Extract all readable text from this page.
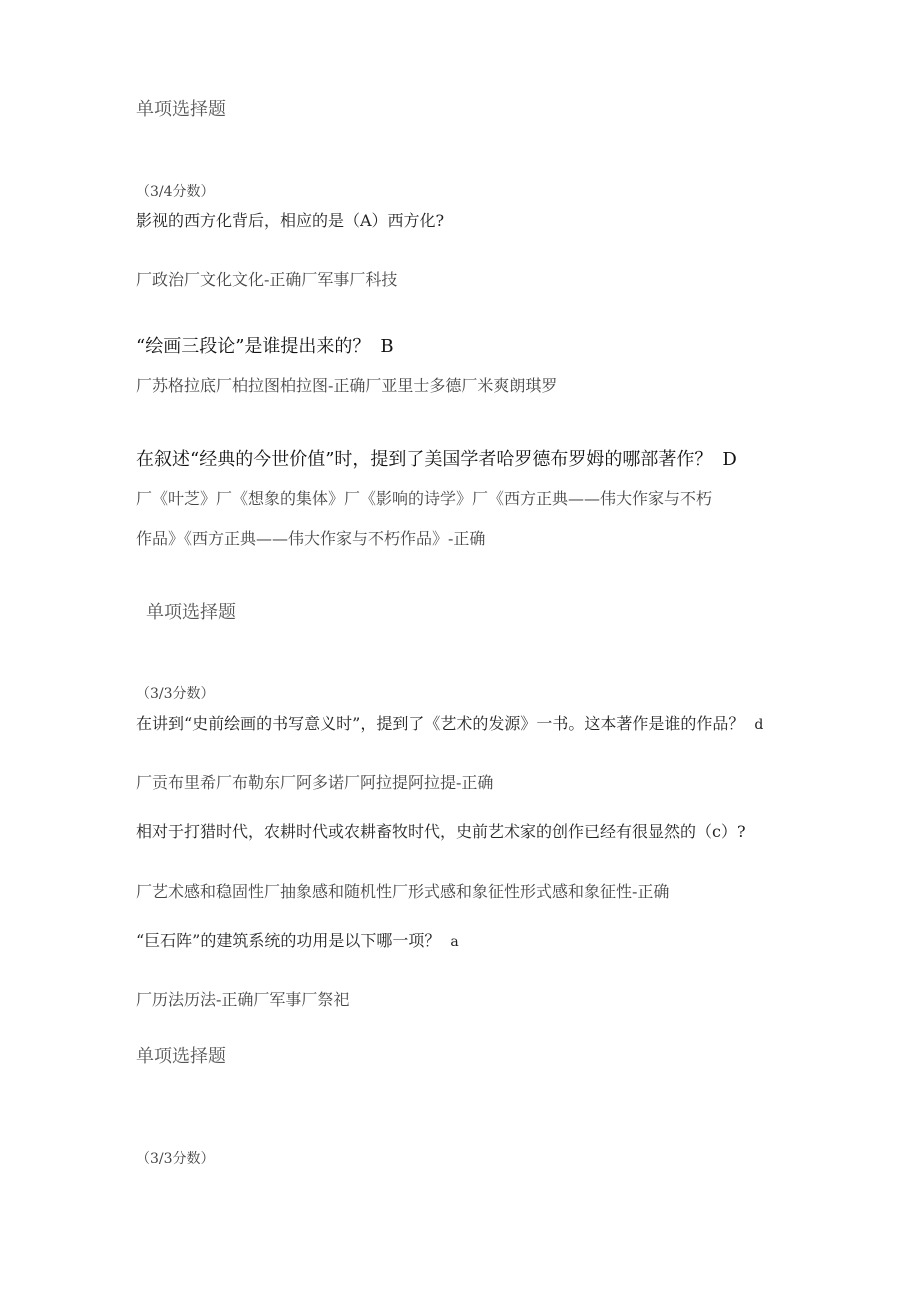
单项选择题
（3/4分数）
影视的西方化背后，相应的是（A）西方化?
厂政治厂文化文化-正确厂军事厂科技
“绘画三段论”是谁提出来的？ B
厂苏格拉底厂柏拉图柏拉图-正确厂亚里士多德厂米爽朗琪罗
在叙述“经典的今世价值”时，提到了美国学者哈罗德布罗姆的哪部著作？ D
厂《叶芝》厂《想象的集体》厂《影响的诗学》厂《西方正典——伟大作家与不朽
作品》《西方正典——伟大作家与不朽作品》-正确
单项选择题
（3/3分数）
在讲到“史前绘画的书写意义时”，提到了《艺术的发源》一书。这本著作是谁的作品？ d
厂贡布里希厂布勒东厂阿多诺厂阿拉提阿拉提-正确
相对于打猎时代，农耕时代或农耕畜牧时代，史前艺术家的创作已经有很显然的（c）?
厂艺术感和稳固性厂抽象感和随机性厂形式感和象征性形式感和象征性-正确
“巨石阵”的建筑系统的功用是以下哪一项？ a
厂历法历法-正确厂军事厂祭祀
单项选择题
（3/3分数）
